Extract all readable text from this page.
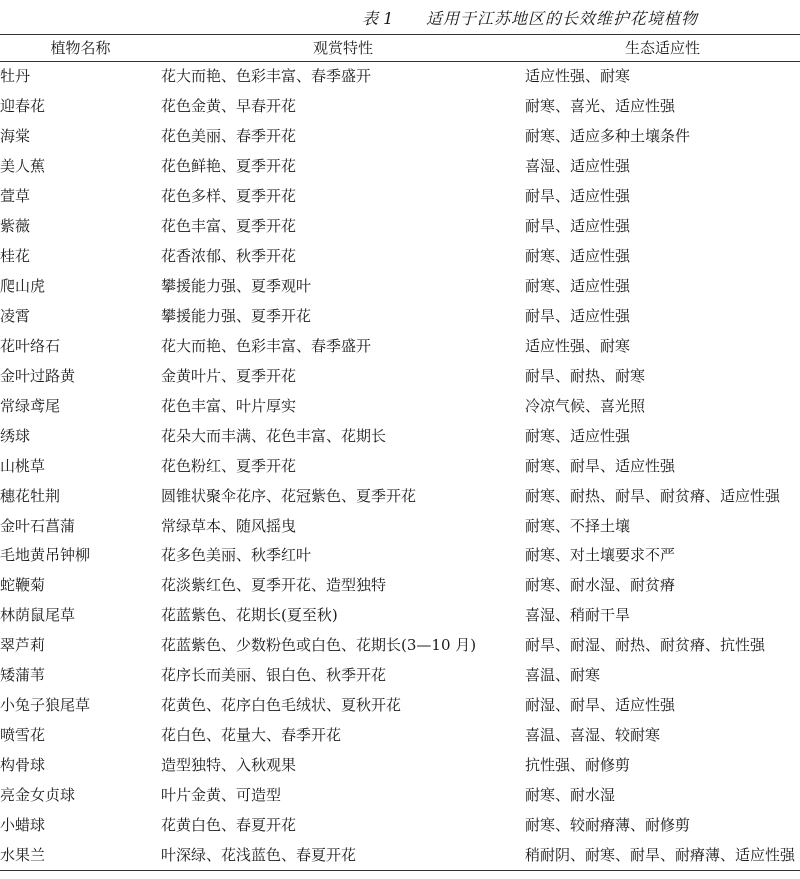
表 1 适用于江苏地区的长效维护花境植物
植物名称	观赏特性	生态适应性
牡丹	花大而艳、色彩丰富、春季盛开	适应性强、耐寒
迎春花	花色金黄、早春开花	耐寒、喜光、适应性强
海棠	花色美丽、春季开花	耐寒、适应多种土壤条件
美人蕉	花色鲜艳、夏季开花	喜湿、适应性强
萱草	花色多样、夏季开花	耐旱、适应性强
紫薇	花色丰富、夏季开花	耐旱、适应性强
桂花	花香浓郁、秋季开花	耐寒、适应性强
爬山虎	攀援能力强、夏季观叶	耐寒、适应性强
凌霄	攀援能力强、夏季开花	耐旱、适应性强
花叶络石	花大而艳、色彩丰富、春季盛开	适应性强、耐寒
金叶过路黄	金黄叶片、夏季开花	耐旱、耐热、耐寒
常绿鸢尾	花色丰富、叶片厚实	冷凉气候、喜光照
绣球	花朵大而丰满、花色丰富、花期长	耐寒、适应性强
山桃草	花色粉红、夏季开花	耐寒、耐旱、适应性强
穗花牡荆	圆锥状聚伞花序、花冠紫色、夏季开花	耐寒、耐热、耐旱、耐贫瘠、适应性强
金叶石菖蒲	常绿草本、随风摇曳	耐寒、不择土壤
毛地黄吊钟柳	花多色美丽、秋季红叶	耐寒、对土壤要求不严
蛇鞭菊	花淡紫红色、夏季开花、造型独特	耐寒、耐水湿、耐贫瘠
林荫鼠尾草	花蓝紫色、花期长(夏至秋)	喜湿、稍耐干旱
翠芦莉	花蓝紫色、少数粉色或白色、花期长(3—10 月)	耐旱、耐湿、耐热、耐贫瘠、抗性强
矮蒲苇	花序长而美丽、银白色、秋季开花	喜温、耐寒
小兔子狼尾草	花黄色、花序白色毛绒状、夏秋开花	耐湿、耐旱、适应性强
喷雪花	花白色、花量大、春季开花	喜温、喜湿、较耐寒
构骨球	造型独特、入秋观果	抗性强、耐修剪
亮金女贞球	叶片金黄、可造型	耐寒、耐水湿
小蜡球	花黄白色、春夏开花	耐寒、较耐瘠薄、耐修剪
水果兰	叶深绿、花浅蓝色、春夏开花	稍耐阴、耐寒、耐旱、耐瘠薄、适应性强
